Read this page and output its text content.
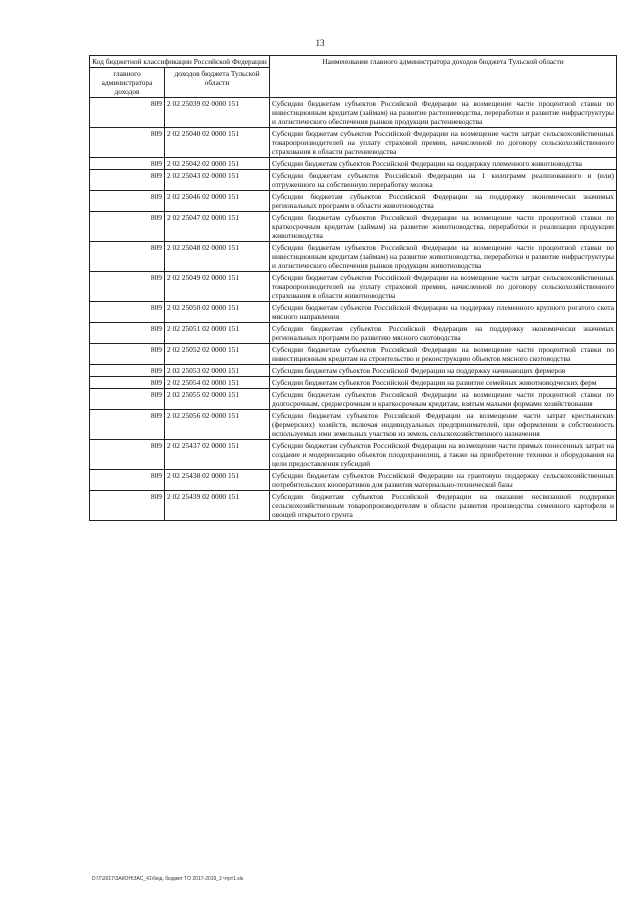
13
Код бюджетной классификации Российской Федерации		Наименование главного администратора доходов бюджета Тульской области
главного администратора доходов	доходов бюджета Тульской области	
809	2 02 25039 02 0000 151	Субсидии бюджетам субъектов Российской Федерации на возмещение части процентной ставки по инвестиционным кредитам (займам) на развитие растениеводства, переработки и развитие инфраструктуры и логистического обеспечения рынков продукции растениеводства
809	2 02 25040 02 0000 151	Субсидии бюджетам субъектов Российской Федерации на возмещение части затрат сельскохозяйственных товаропроизводителей на уплату страховой премии, начисленной по договору сельскохозяйственного страхования в области растениеводства
809	2 02 25042 02 0000 151	Субсидии бюджетам субъектов Российской Федерации на поддержку племенного животноводства
809	2 02 25043 02 0000 151	Субсидии бюджетам субъектов Российской Федерации на 1 килограмм реализованного и (или) отгруженного на собственную переработку молока
809	2 02 25046 02 0000 151	Субсидии бюджетам субъектов Российской Федерации на поддержку экономически значимых региональных программ в области животноводства
809	2 02 25047 02 0000 151	Субсидии бюджетам субъектов Российской Федерации на возмещение части процентной ставки по краткосрочным кредитам (займам) на развитие животноводства, переработки и реализации продукции животноводства
809	2 02 25048 02 0000 151	Субсидии бюджетам субъектов Российской Федерации на возмещение части процентной ставки по инвестиционным кредитам (займам) на развитие животноводства, переработки и развитие инфраструктуры и логистического обеспечения рынков продукции животноводства
809	2 02 25049 02 0000 151	Субсидии бюджетам субъектов Российской Федерации на возмещение части затрат сельскохозяйственных товаропроизводителей на уплату страховой премии, начисленной по договору сельскохозяйственного страхования в области животноводства
809	2 02 25050 02 0000 151	Субсидии бюджетам субъектов Российской Федерации на поддержку племенного крупного рогатого скота мясного направления
809	2 02 25051 02 0000 151	Субсидии бюджетам субъектов Российской Федерации на поддержку экономически значимых региональных программ по развитию мясного скотоводства
809	2 02 25052 02 0000 151	Субсидии бюджетам субъектов Российской Федерации на возмещение части процентной ставки по инвестиционным кредитам на строительство и реконструкцию объектов мясного скотоводства
809	2 02 25053 02 0000 151	Субсидии бюджетам субъектов Российской Федерации на поддержку начинающих фермеров
809	2 02 25054 02 0000 151	Субсидии бюджетам субъектов Российской Федерации на развитие семейных животноводческих ферм
809	2 02 25055 02 0000 151	Субсидии бюджетам субъектов Российской Федерации на возмещение части процентной ставки по долгосрочным, среднесрочным и краткосрочным кредитам, взятым малыми формами хозяйствования
809	2 02 25056 02 0000 151	Субсидии бюджетам субъектов Российской Федерации на возмещение части затрат крестьянских (фермерских) хозяйств, включая индивидуальных предпринимателей, при оформлении в собственность используемых ими земельных участков из земель сельскохозяйственного назначения
809	2 02 25437 02 0000 151	Субсидии бюджетам субъектов Российской Федерации на возмещение части прямых понесенных затрат на создание и модернизацию объектов плодохранилищ, а также на приобретение техники и оборудования на цели предоставления субсидий
809	2 02 25438 02 0000 151	Субсидии бюджетам субъектов Российской Федерации на грантовую поддержку сельскохозяйственных потребительских кооперативов для развития материально-технической базы
809	2 02 25439 02 0000 151	Субсидии бюджетам субъектов Российской Федерации на оказание несвязанной поддержки сельскохозяйственным товаропроизводителям в области развития производства семенного картофеля и овощей открытого грунта
D:\T\2017\ЗАКОН\ЗАС_41\бюд. бюджет ТО 2017-2019_2 чтрт1.xls
